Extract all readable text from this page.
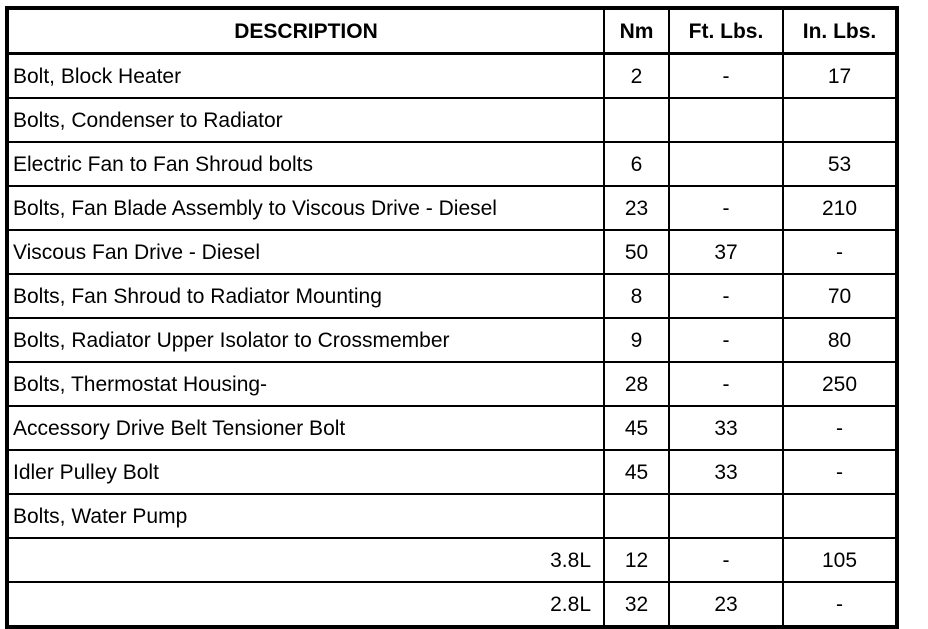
DESCRIPTION	Nm	Ft. Lbs.	In. Lbs.
Bolt, Block Heater	2	-	17
Bolts, Condenser to Radiator			
Electric Fan to Fan Shroud bolts	6		53
Bolts, Fan Blade Assembly to Viscous Drive - Diesel	23	-	210
Viscous Fan Drive - Diesel	50	37	-
Bolts, Fan Shroud to Radiator Mounting	8	-	70
Bolts, Radiator Upper Isolator to Crossmember	9	-	80
Bolts, Thermostat Housing-	28	-	250
Accessory Drive Belt Tensioner Bolt	45	33	-
Idler Pulley Bolt	45	33	-
Bolts, Water Pump			
3.8L	12	-	105
2.8L	32	23	-
